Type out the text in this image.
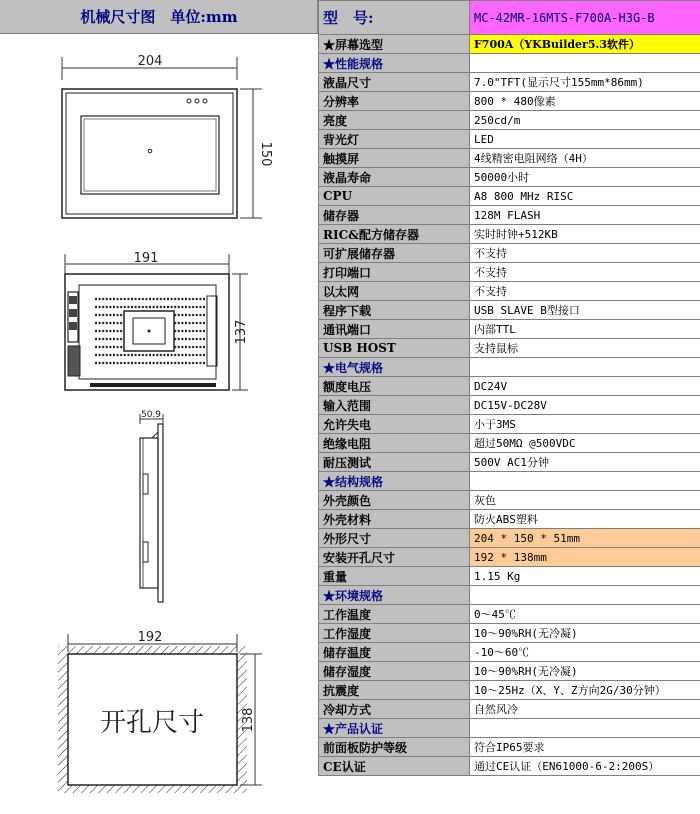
机械尺寸图　单位:mm
204
150
191
137
50.9
192
开孔尺寸	138
型　号:	MC-42MR-16MTS-F700A-H3G-B
★屏幕选型	F700A（YKBuilder5.3软件）
★性能规格	
液晶尺寸	7.0"TFT(显示尺寸155mm*86mm)
分辨率	800 * 480像素
亮度	250cd/m
背光灯	LED
触摸屏	4线精密电阻网络（4H）
液晶寿命	50000小时
CPU	A8 800 MHz RISC
储存器	128M FLASH
RIC&配方储存器	实时时钟+512KB
可扩展储存器	不支持
打印端口	不支持
以太网	不支持
程序下载	USB SLAVE B型接口
通讯端口	内部TTL
USB HOST	支持鼠标
★电气规格	
额度电压	DC24V
输入范围	DC15V-DC28V
允许失电	小于3MS
绝缘电阻	超过50MΩ @500VDC
耐压测试	500V AC1分钟
★结构规格	
外壳颜色	灰色
外壳材料	防火ABS塑料
外形尺寸	204 * 150 * 51mm
安装开孔尺寸	192 * 138mm
重量	1.15 Kg
★环境规格	
工作温度	0～45℃
工作湿度	10～90%RH(无冷凝)
储存温度	-10～60℃
储存湿度	10～90%RH(无冷凝)
抗震度	10～25Hz（X、Y、Z方向2G/30分钟）
冷却方式	自然风冷
★产品认证	
前面板防护等级	符合IP65要求
CE认证	通过CE认证（EN61000-6-2:200S）
